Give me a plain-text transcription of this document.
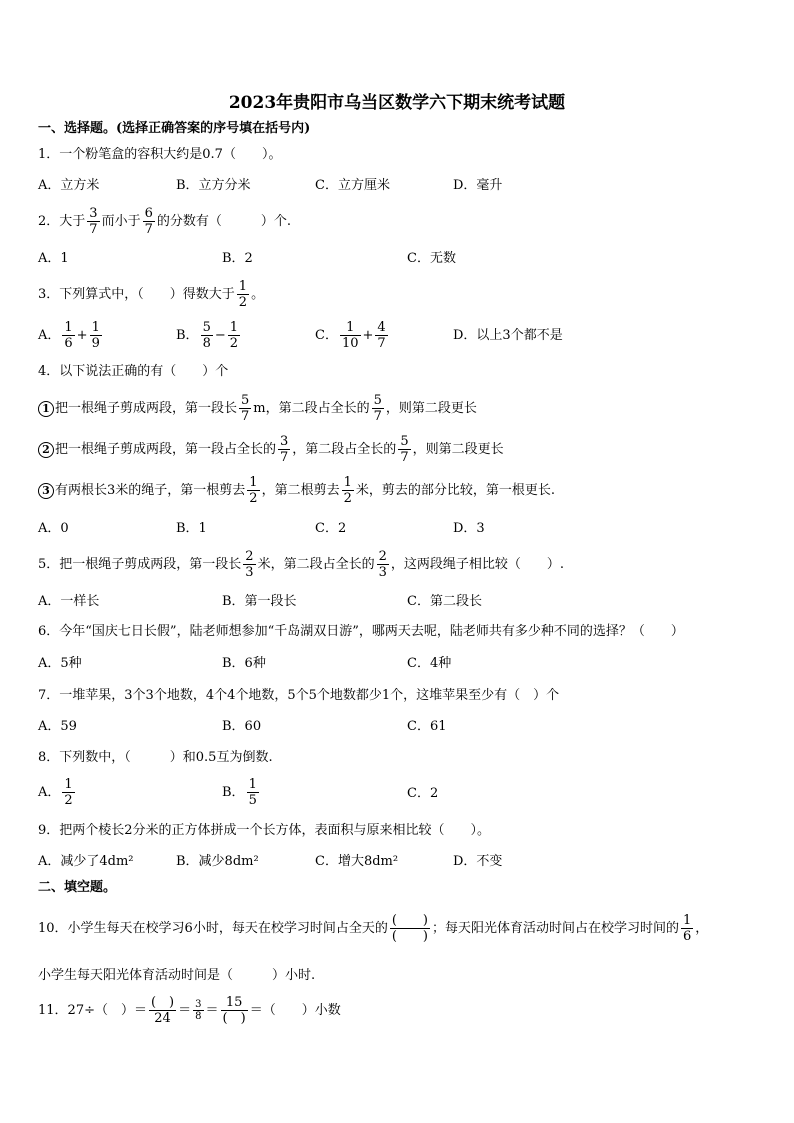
2023年贵阳市乌当区数学六下期末统考试题
一、选择题。(选择正确答案的序号填在括号内)
1．一个粉笔盒的容积大约是0.7（　　）。
A．立方米	B．立方分米	C．立方厘米	D．毫升
2．大于 $\frac{3}{7}$ 而小于 $\frac{6}{7}$ 的分数有（　　　）个.
A．1	B．2	C．无数
3．下列算式中，（　　）得数大于 $\frac{1}{2}$ 。
A． $\frac{1}{6} + \frac{1}{9}$	B． $\frac{5}{8} - \frac{1}{2}$	C． $\frac{1}{10} + \frac{4}{7}$	D．以上3个都不是
4．以下说法正确的有（　　）个
1 把一根绳子剪成两段，第一段长 $\frac{5}{7}$ m，第二段占全长的 $\frac{5}{7}$ ，则第二段更长
2 把一根绳子剪成两段，第一段占全长的 $\frac{3}{7}$ ，第二段占全长的 $\frac{5}{7}$ ，则第二段更长
3 有两根长3米的绳子，第一根剪去 $\frac{1}{2}$ ，第二根剪去 $\frac{1}{2}$ 米，剪去的部分比较，第一根更长.
A．0	B．1	C．2	D．3
5．把一根绳子剪成两段，第一段长 $\frac{2}{3}$ 米，第二段占全长的 $\frac{2}{3}$ ，这两段绳子相比较（　　）.
A．一样长	B．第一段长	C．第二段长
6．今年“国庆七日长假”，陆老师想参加“千岛湖双日游”，哪两天去呢，陆老师共有多少种不同的选择？（　　）
A．5种	B．6种	C．4种
7．一堆苹果，3个3个地数，4个4个地数，5个5个地数都少1个，这堆苹果至少有（　）个
A．59	B．60	C．61
8．下列数中，（　　　）和0.5互为倒数.
A． $\frac{1}{2}$	B． $\frac{1}{5}$	C．2
9．把两个棱长2分米的正方体拼成一个长方体，表面积与原来相比较（　　）。
A．减少了4dm²	B．减少8dm²	C．增大8dm²	D．不变
二、填空题。
10．小学生每天在校学习6小时，每天在校学习时间占全天的
(　　)
(　　)
；每天阳光体育活动时间占在校学习时间的 $\frac{1}{6}$ ，
小学生每天阳光体育活动时间是（　　　）小时.
11．27÷（　）＝
(　)
24
＝ $\frac{3}{8}$ ＝
15
(　)
＝（　　）小数
